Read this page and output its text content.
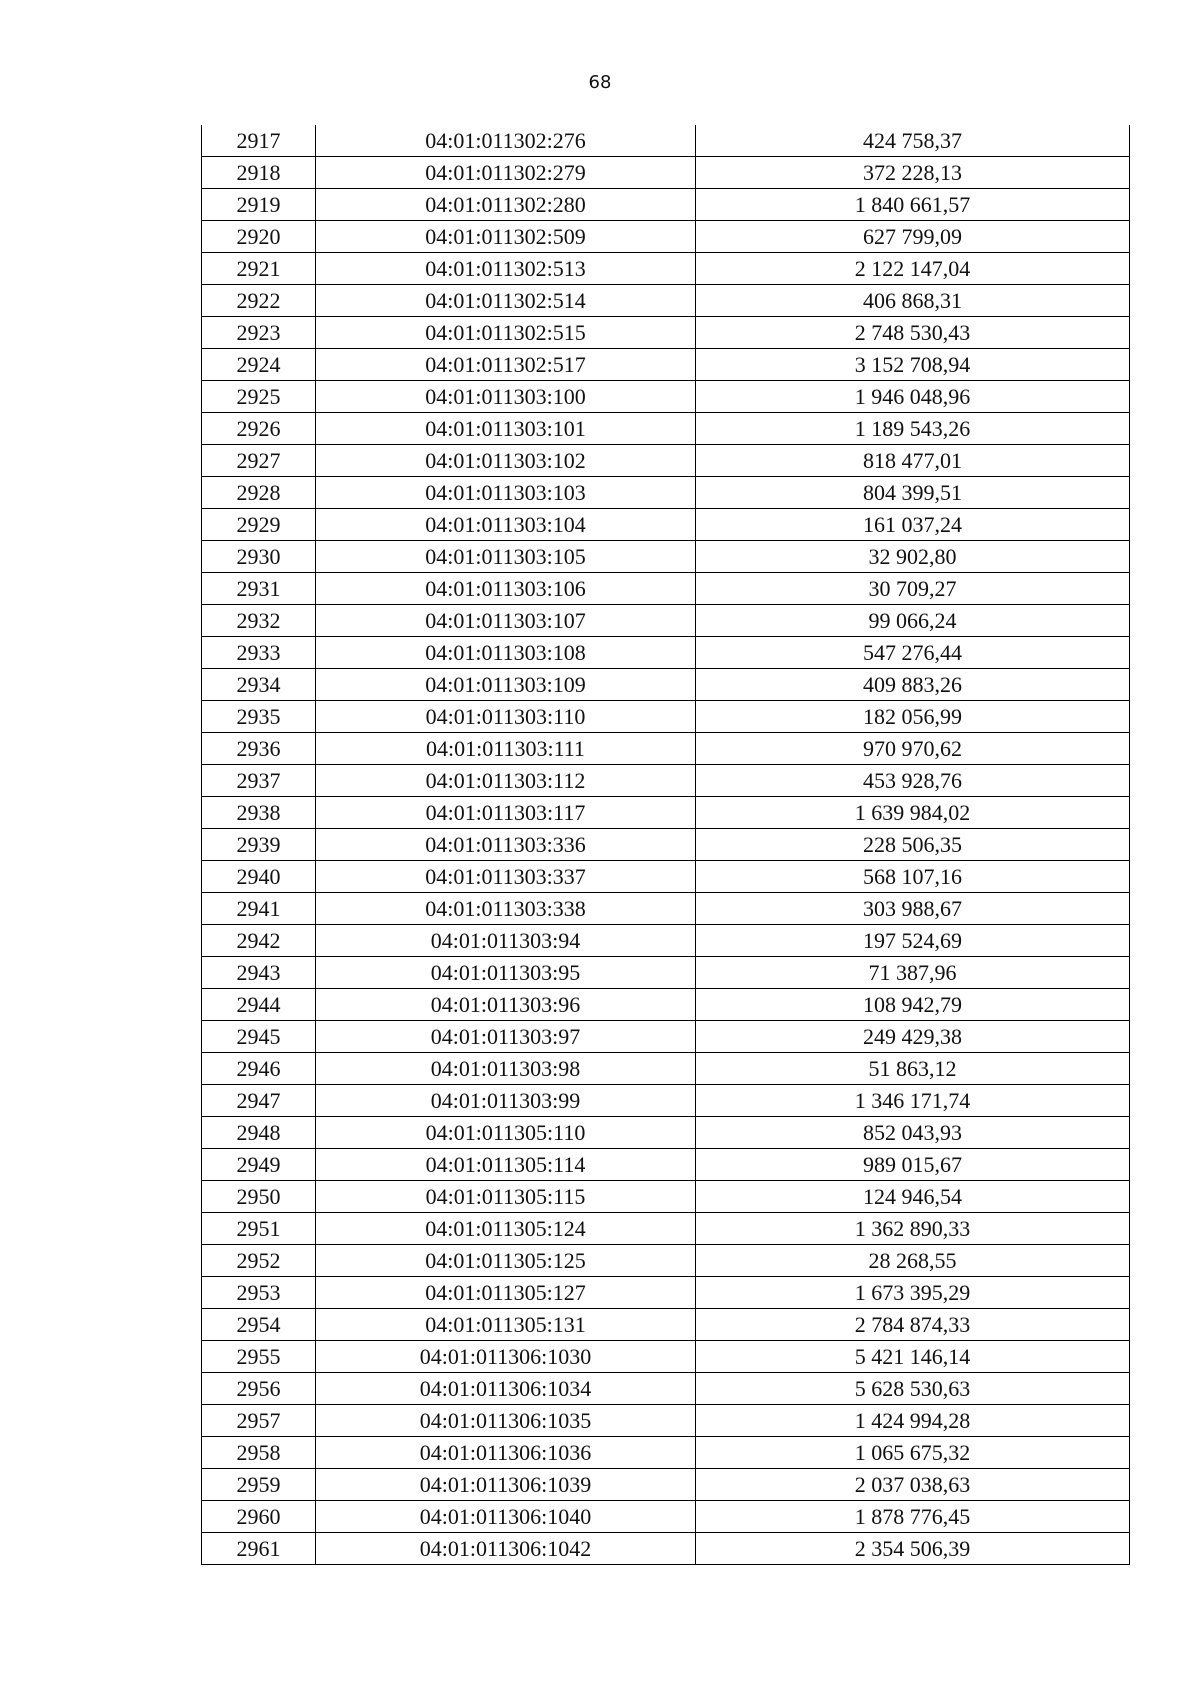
68
2917	04:01:011302:276	424 758,37
2918	04:01:011302:279	372 228,13
2919	04:01:011302:280	1 840 661,57
2920	04:01:011302:509	627 799,09
2921	04:01:011302:513	2 122 147,04
2922	04:01:011302:514	406 868,31
2923	04:01:011302:515	2 748 530,43
2924	04:01:011302:517	3 152 708,94
2925	04:01:011303:100	1 946 048,96
2926	04:01:011303:101	1 189 543,26
2927	04:01:011303:102	818 477,01
2928	04:01:011303:103	804 399,51
2929	04:01:011303:104	161 037,24
2930	04:01:011303:105	32 902,80
2931	04:01:011303:106	30 709,27
2932	04:01:011303:107	99 066,24
2933	04:01:011303:108	547 276,44
2934	04:01:011303:109	409 883,26
2935	04:01:011303:110	182 056,99
2936	04:01:011303:111	970 970,62
2937	04:01:011303:112	453 928,76
2938	04:01:011303:117	1 639 984,02
2939	04:01:011303:336	228 506,35
2940	04:01:011303:337	568 107,16
2941	04:01:011303:338	303 988,67
2942	04:01:011303:94	197 524,69
2943	04:01:011303:95	71 387,96
2944	04:01:011303:96	108 942,79
2945	04:01:011303:97	249 429,38
2946	04:01:011303:98	51 863,12
2947	04:01:011303:99	1 346 171,74
2948	04:01:011305:110	852 043,93
2949	04:01:011305:114	989 015,67
2950	04:01:011305:115	124 946,54
2951	04:01:011305:124	1 362 890,33
2952	04:01:011305:125	28 268,55
2953	04:01:011305:127	1 673 395,29
2954	04:01:011305:131	2 784 874,33
2955	04:01:011306:1030	5 421 146,14
2956	04:01:011306:1034	5 628 530,63
2957	04:01:011306:1035	1 424 994,28
2958	04:01:011306:1036	1 065 675,32
2959	04:01:011306:1039	2 037 038,63
2960	04:01:011306:1040	1 878 776,45
2961	04:01:011306:1042	2 354 506,39
